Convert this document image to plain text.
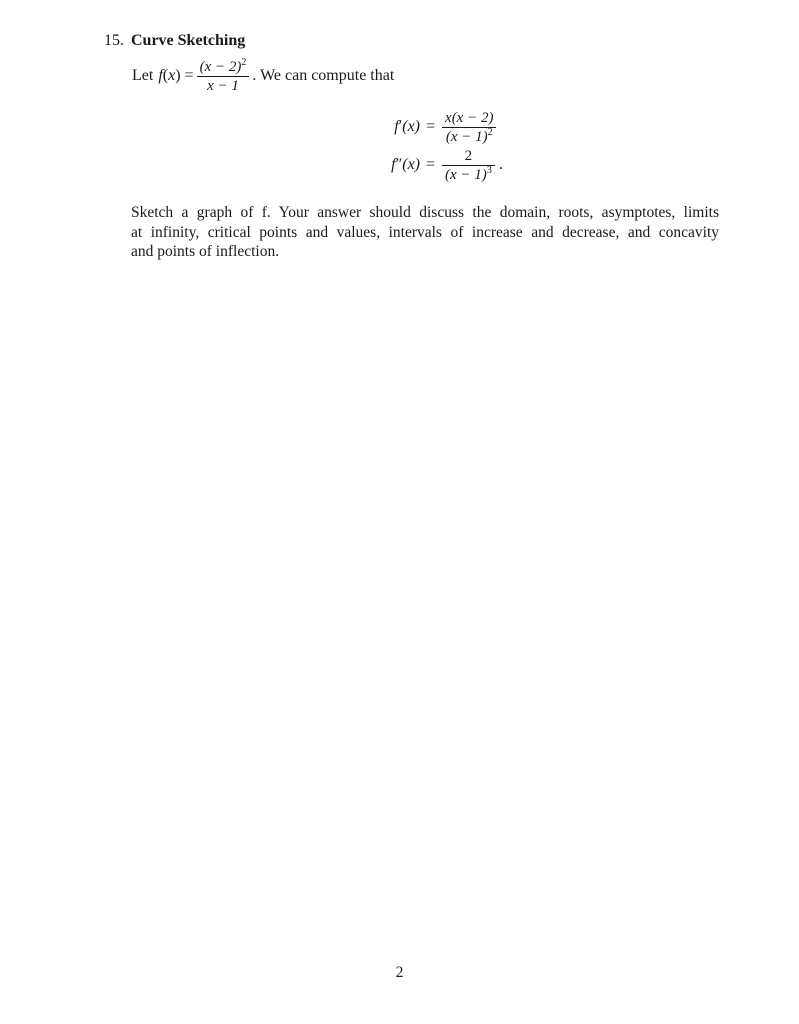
15. Curve Sketching
Let f ( x ) = $\frac{(x - 2)^2}{x - 1}$ . We can compute that
$f'(x) = \frac{x(x - 2)}{(x - 1)^2}$
$f''(x) = \frac{2}{(x - 1)^3}$ .
Sketch a graph of f. Your answer should discuss the domain, roots, asymptotes, limits
at infinity, critical points and values, intervals of increase and decrease, and concavity
and points of inflection.
2
